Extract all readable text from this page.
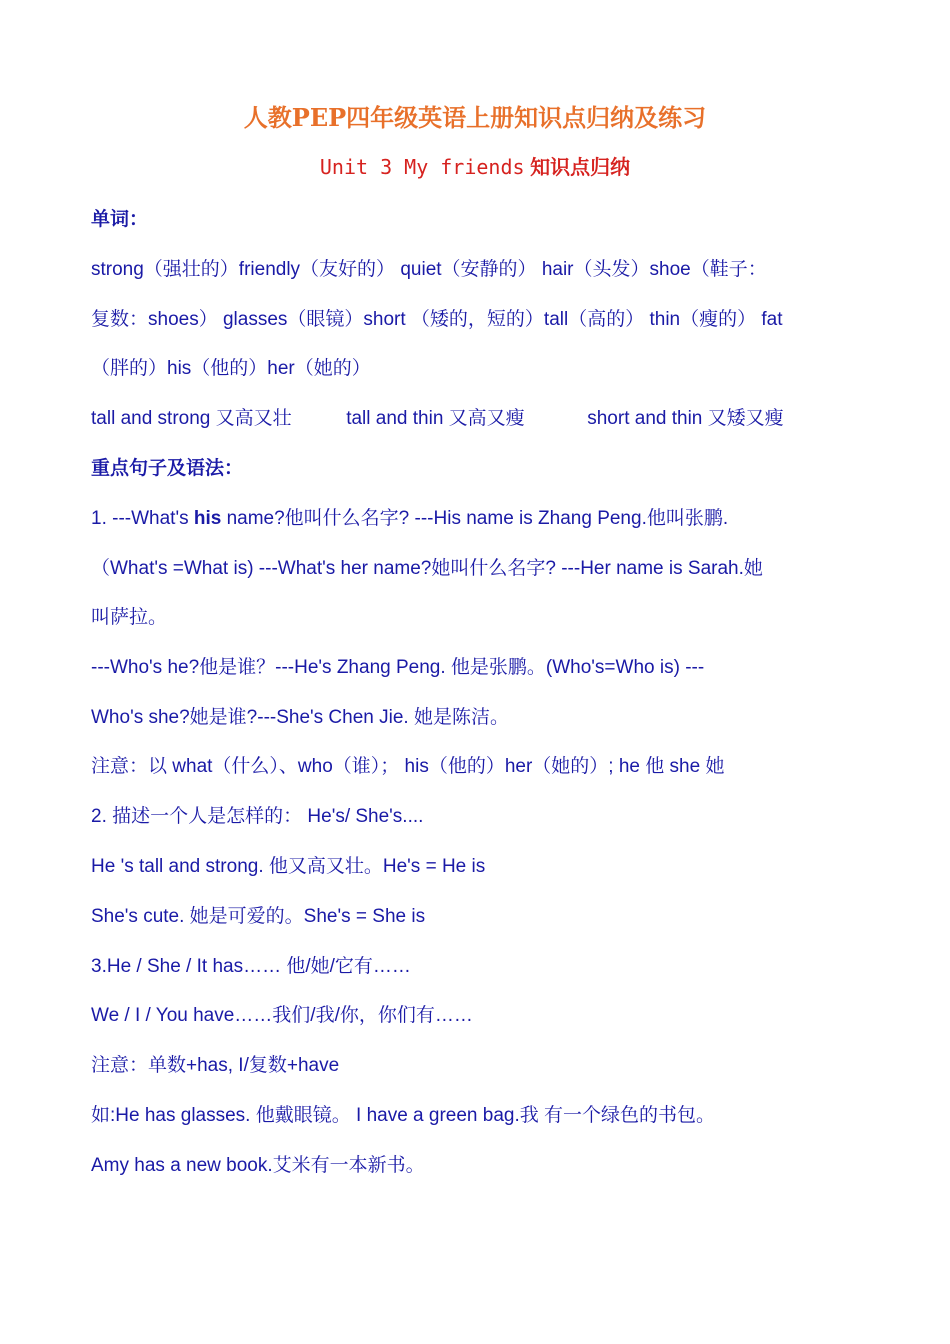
人教PEP四年级英语上册知识点归纳及练习
Unit 3 My friends 知识点归纳
单词：
strong（强壮的）friendly（友好的） quiet（安静的） hair（头发）shoe（鞋子：
复数：shoes） glasses（眼镜）short （矮的，短的）tall（高的） thin（瘦的） fat
（胖的）his（他的）her（她的）
tall and strong 又高又壮	tall and thin 又高又瘦	short and thin 又矮又瘦
重点句子及语法：
1. ---What's his name?他叫什么名字? ---His name is Zhang Peng.他叫张鹏.
（What's =What is) ---What's her name?她叫什么名字? ---Her name is Sarah.她
叫萨拉。
---Who's he?他是谁？---He's Zhang Peng. 他是张鹏。(Who's=Who is) ---
Who's she?她是谁?---She's Chen Jie. 她是陈洁。
注意：以 what（什么）、who（谁）； his（他的）her（她的）; he 他 she 她
2. 描述一个人是怎样的： He's/ She's....
He 's tall and strong. 他又高又壮。He's = He is
She's cute. 她是可爱的。She's = She is
3.He / She / It has…… 他/她/它有……
We / I / You have……我们/我/你，你们有……
注意：单数+has, I/复数+have
如:He has glasses. 他戴眼镜。 I have a green bag.我 有一个绿色的书包。
Amy has a new book.艾米有一本新书。
